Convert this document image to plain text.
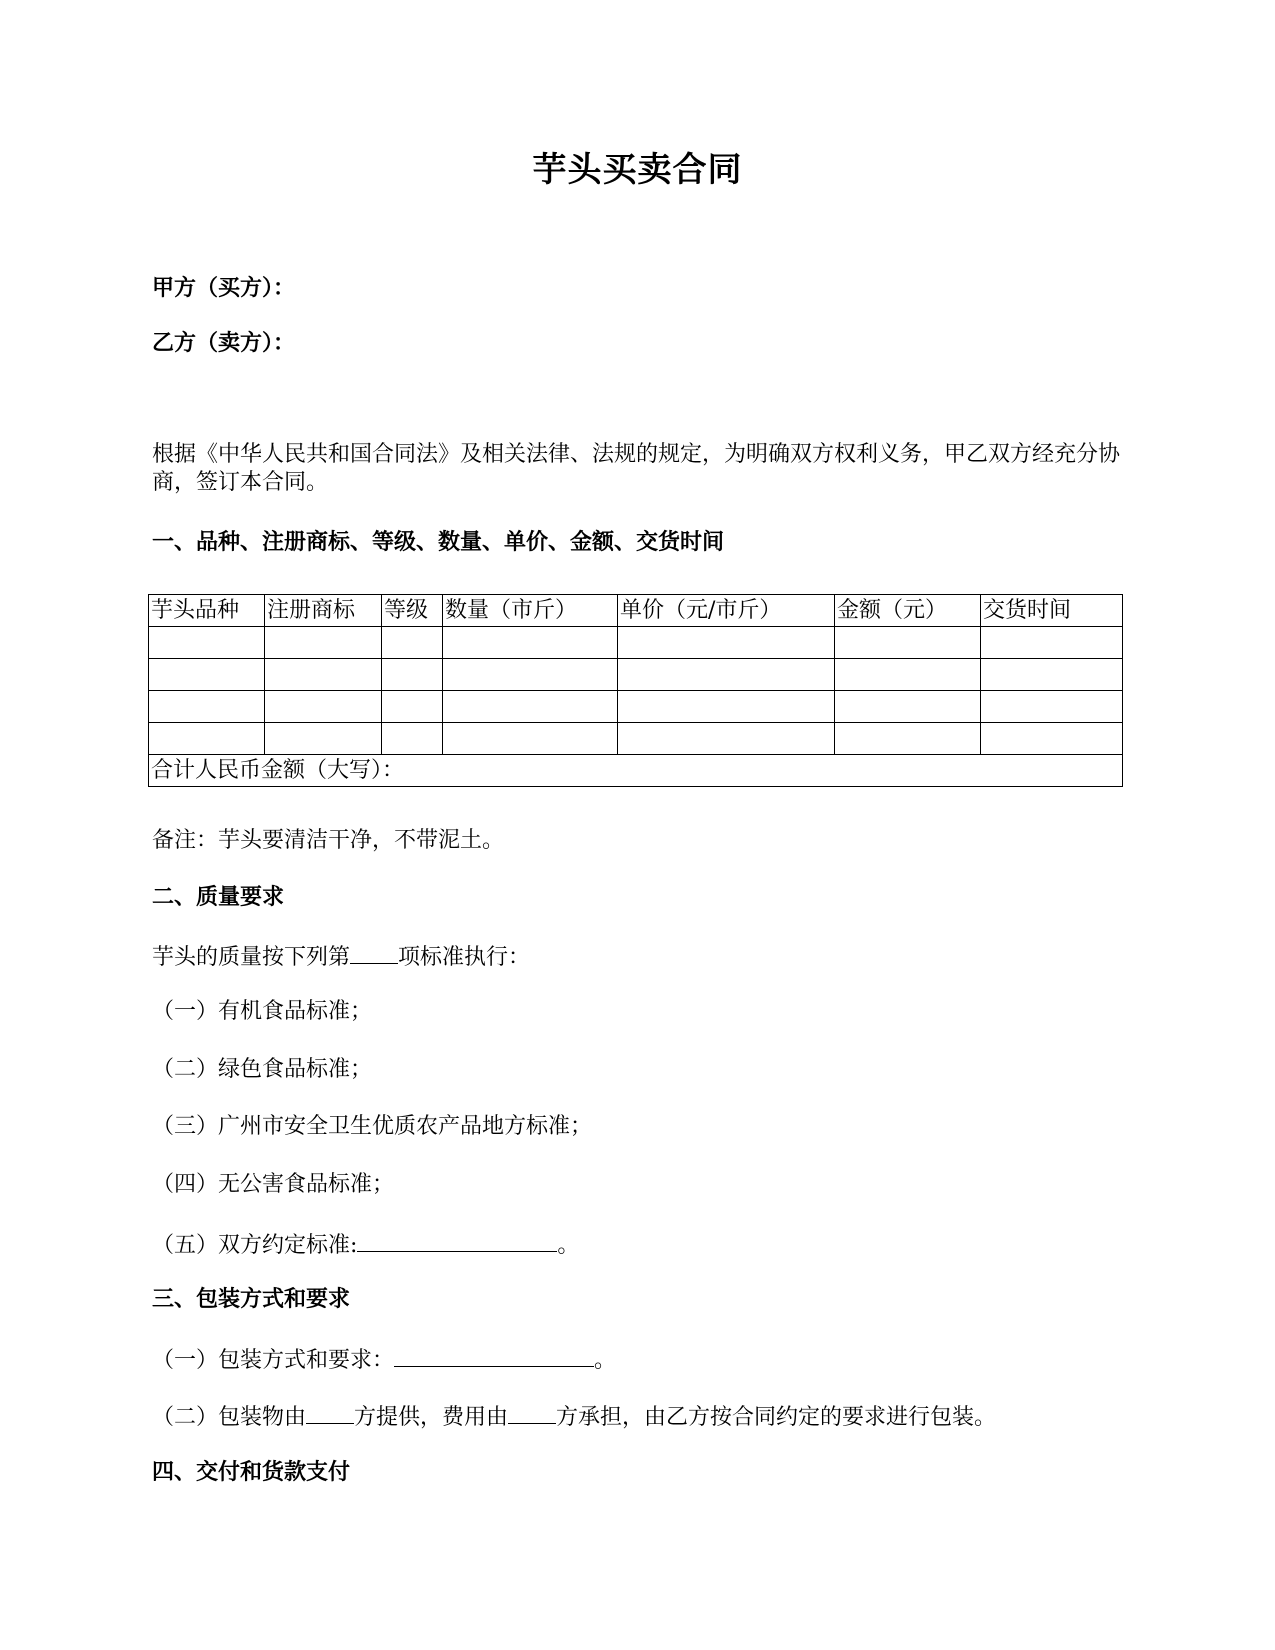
芋头买卖合同
甲方（买方）：
乙方（卖方）：
根据《中华人民共和国合同法》及相关法律、法规的规定，为明确双方权利义务，甲乙双方经充分协商，签订本合同。
一、品种、注册商标、等级、数量、单价、金额、交货时间
芋头品种	注册商标	等级	数量（市斤）	单价（元/市斤）	金额（元）	交货时间

合计人民币金额（大写）：						
备注：芋头要清洁干净，不带泥土。
二、质量要求
芋头的质量按下列第 项标准执行：
（一）有机食品标准；
（二）绿色食品标准；
（三）广州市安全卫生优质农产品地方标准；
（四）无公害食品标准；
（五）双方约定标准:	。
三、包装方式和要求
（一）包装方式和要求：	。
（二）包装物由 方提供，费用由 方承担，由乙方按合同约定的要求进行包装。
四、交付和货款支付
